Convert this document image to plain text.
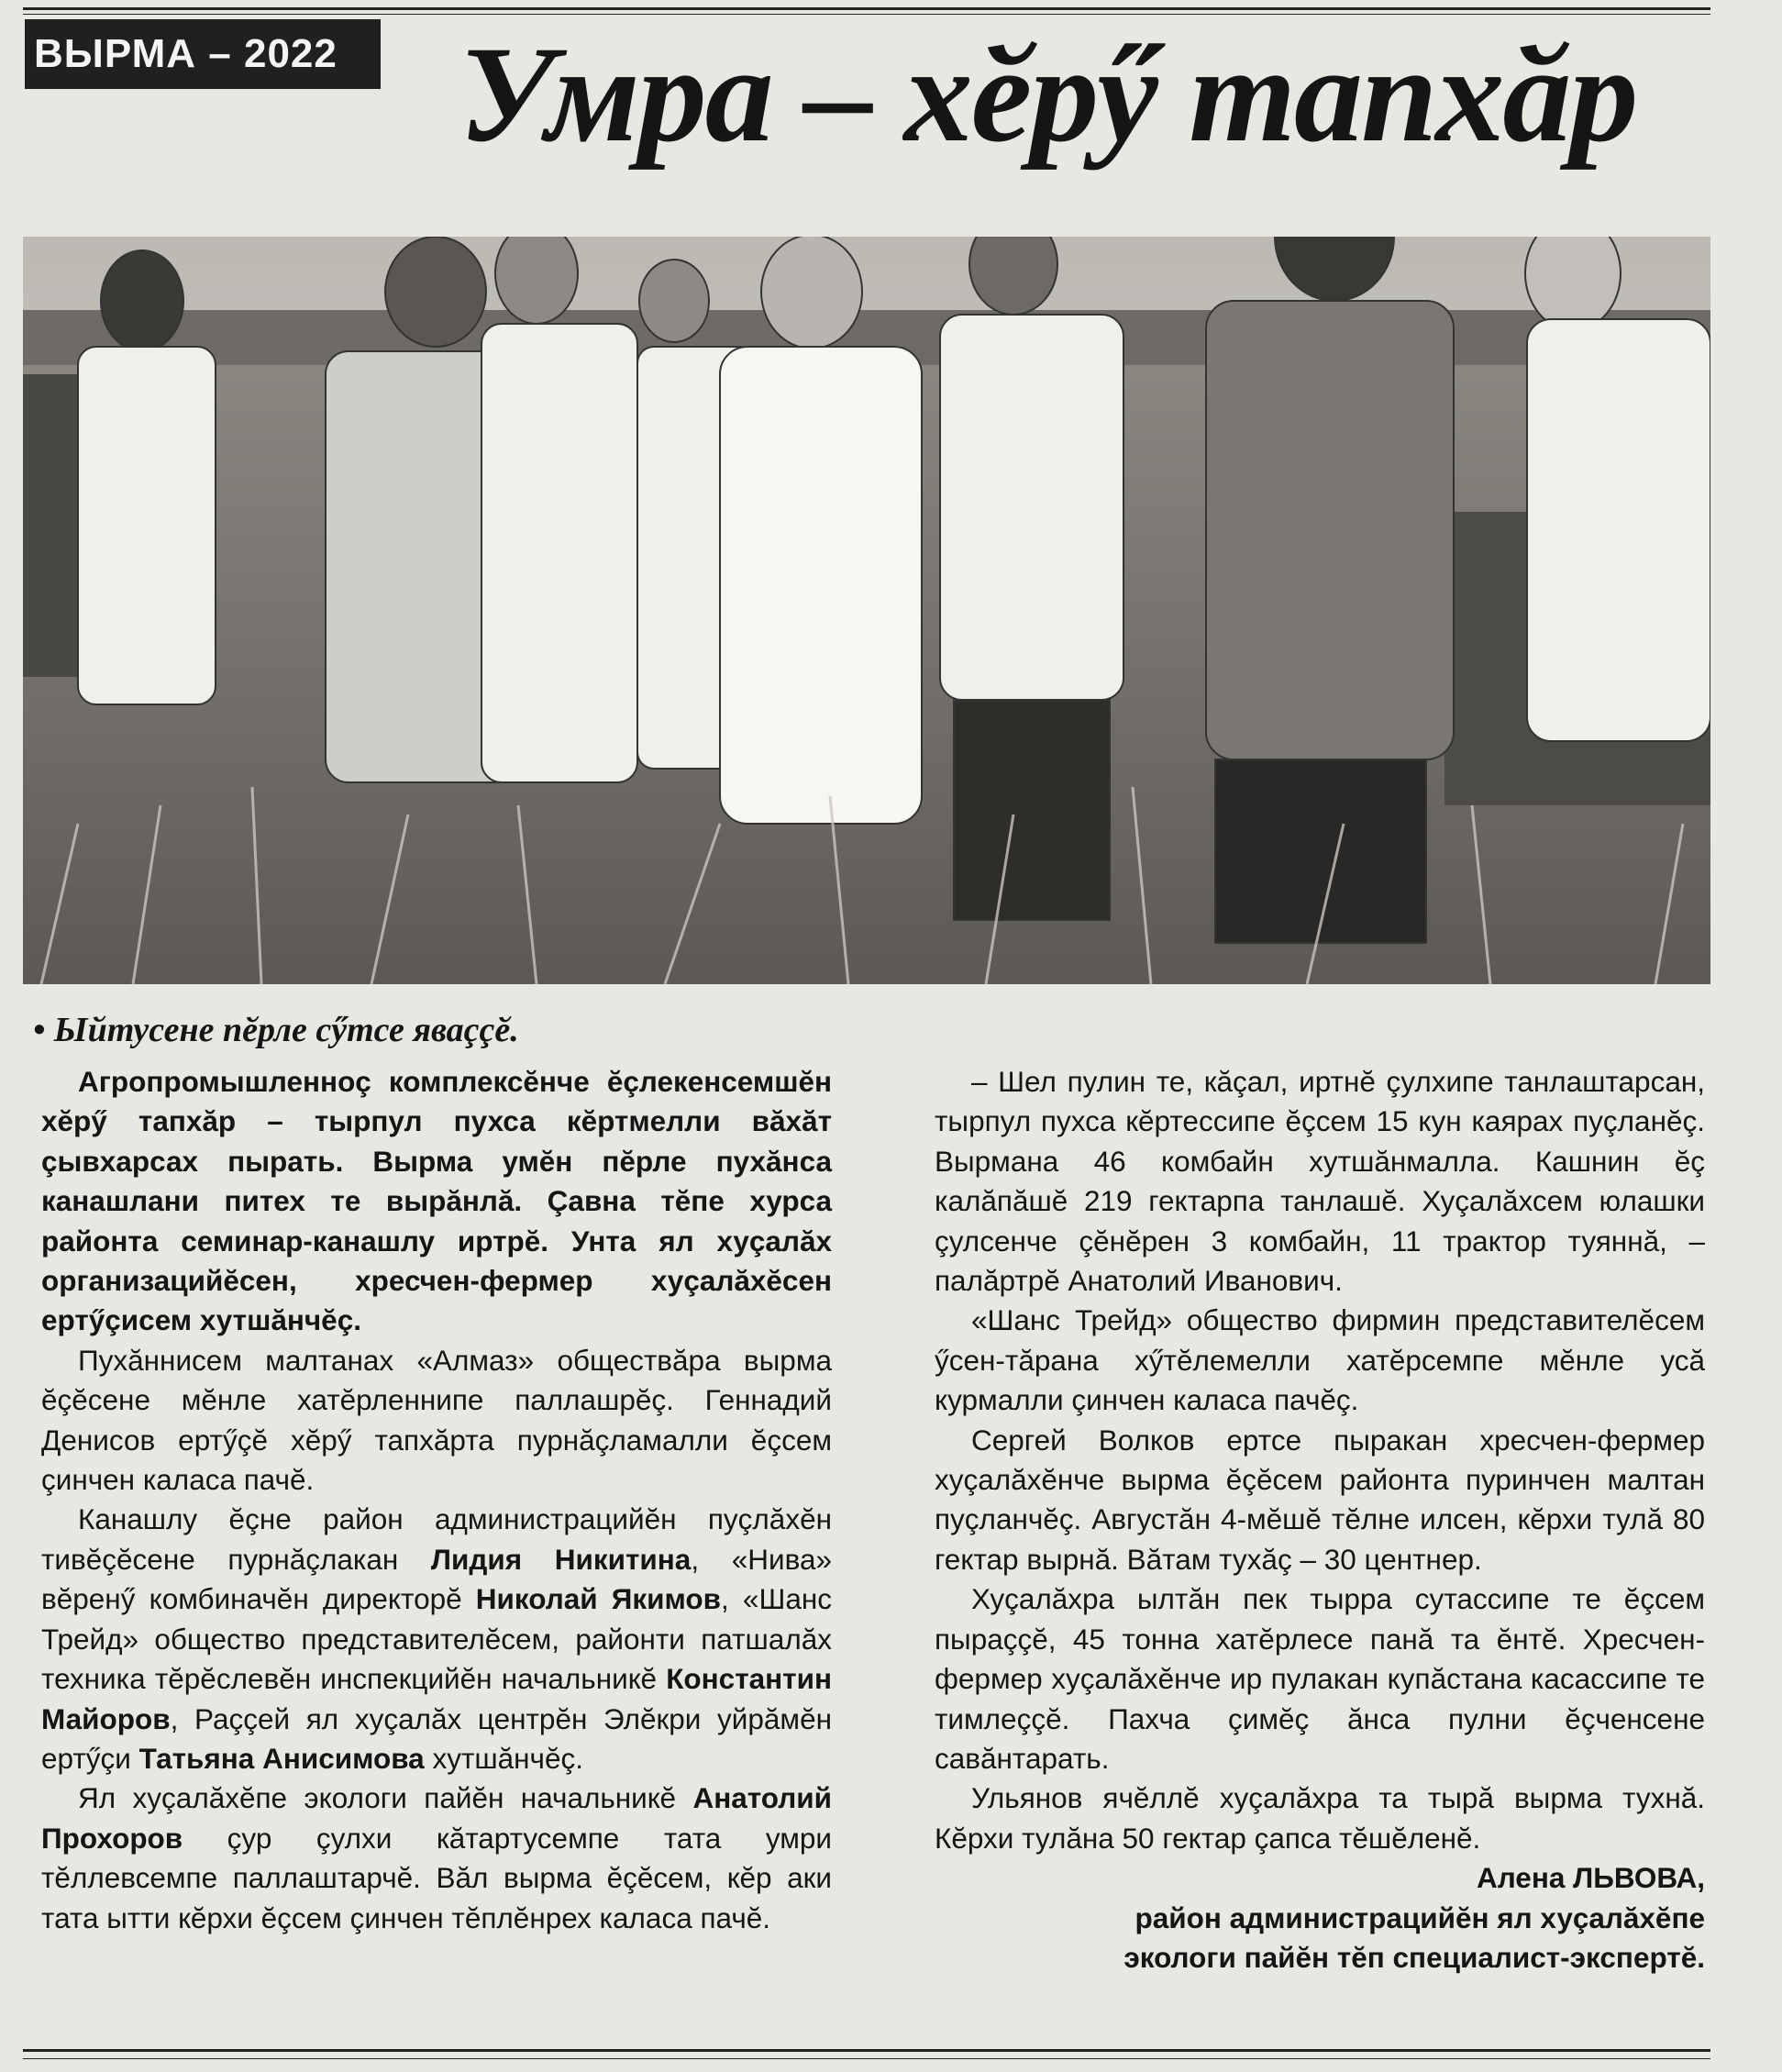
ВЫРМА – 2022 Умра – хӗрӳ тапхӑр
• Ыйтусене пӗрле сӳтсе яваççӗ.

Агропромышленноç комплексӗнче ӗçлекенсемшӗн хӗрӳ тапхӑр – тырпул пухса кӗртмелли вӑхӑт çывхарсах пырать. Вырма умӗн пӗрле пухӑнса канашлани питех те вырӑнлӑ. Çавна тӗпе хурса районта семинар-канашлу иртрӗ. Унта ял хуçалӑх организацийӗсен, хресчен-фермер хуçалӑхӗсен ертӳçисем хутшӑнчӗç.

Пухӑннисем малтанах «Алмаз» обществӑра вырма ӗçӗсене мӗнле хатӗрленнипе паллашрӗç. Геннадий Денисов ертӳçӗ хӗрӳ тапхӑрта пурнӑçламалли ӗçсем çинчен каласа пачӗ.

Канашлу ӗçне район администрацийӗн пуçлӑхӗн тивӗçӗсене пурнӑçлакан Лидия Никитина, «Нива» вӗренӳ комбиначӗн директорӗ Николай Якимов, «Шанс Трейд» общество представителӗсем, районти патшалӑх техника тӗрӗслевӗн инспекцийӗн начальникӗ Константин Майоров, Раççей ял хуçалӑх центрӗн Элӗкри уйрӑмӗн ертӳçи Татьяна Анисимова хутшӑнчӗç.

Ял хуçалӑхӗпе экологи пайӗн начальникӗ Анатолий Прохоров çур çулхи кӑтартусемпе тата умри тӗллевсемпе паллаштарчӗ. Вӑл вырма ӗçӗсем, кӗр аки тата ытти кӗрхи ӗçсем çинчен тӗплӗнрех каласа пачӗ.

– Шел пулин те, кӑçал, иртнӗ çулхипе танлаштарсан, тырпул пухса кӗртессипе ӗçсем 15 кун каярах пуçланӗç. Вырмана 46 комбайн хутшӑнмалла. Кашнин ӗç калӑпӑшӗ 219 гектарпа танлашӗ. Хуçалӑхсем юлашки çулсенче çӗнӗрен 3 комбайн, 11 трактор туяннӑ, – палӑртрӗ Анатолий Иванович.

«Шанс Трейд» общество фирмин представителӗсем ӳсен-тӑрана хӳтӗлемелли хатӗрсемпе мӗнле усӑ курмалли çинчен каласа пачӗç.

Сергей Волков ертсе пыракан хресчен-фермер хуçалӑхӗнче вырма ӗçӗсем районта пуринчен малтан пуçланчӗç. Августӑн 4-мӗшӗ тӗлне илсен, кӗрхи тулӑ 80 гектар вырнӑ. Вӑтам тухӑç – 30 центнер.

Хуçалӑхра ылтӑн пек тырра сутассипе те ӗçсем пыраççӗ, 45 тонна хатӗрлесе панӑ та ӗнтӗ. Хресчен-фермер хуçалӑхӗнче ир пулакан купӑстана касассипе те тимлеççӗ. Пахча çимӗç ӑнса пулни ӗçченсене савӑнтарать.

Ульянов ячӗллӗ хуçалӑхра та тырӑ вырма тухнӑ. Кӗрхи тулӑна 50 гектар çапса тӗшӗленӗ.

Алена ЛЬВОВА,

район администрацийӗн ял хуçалӑхӗпе

экологи пайӗн тӗп специалист-экспертӗ.
